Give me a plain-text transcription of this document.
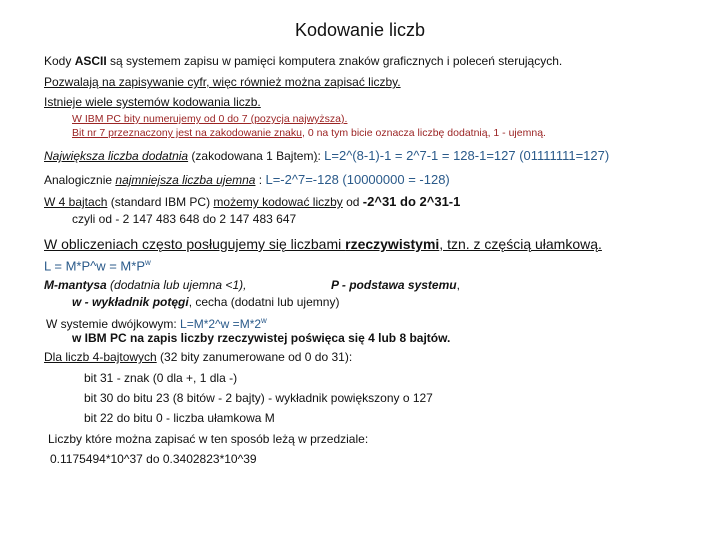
Kodowanie liczb
Kody ASCII są systemem zapisu w pamięci komputera znaków graficznych i poleceń sterujących.
Pozwalają na zapisywanie cyfr, więc również można zapisać liczby.
Istnieje wiele systemów kodowania liczb.
W IBM PC bity numerujemy od 0 do 7 (pozycja najwyższa).
Bit nr 7 przeznaczony jest na zakodowanie znaku, 0 na tym bicie oznacza liczbę dodatnią, 1 - ujemną.
Największa liczba dodatnia (zakodowana 1 Bajtem): L=2^(8-1)-1 = 2^7-1 = 128-1=127 (01111111=127)
Analogicznie najmniejsza liczba ujemna : L=-2^7=-128 (10000000 = -128)
W 4 bajtach (standard IBM PC) możemy kodować liczby od -2^31 do 2^31-1
czyli od - 2 147 483 648 do 2 147 483 647
W obliczeniach często posługujemy się liczbami rzeczywistymi, tzn. z częścią ułamkową.
L = M*P^w = $M*P^w$
M-mantysa (dodatnia lub ujemna <1),	P - podstawa systemu,
w - wykładnik potęgi, cecha (dodatni lub ujemny)
W systemie dwójkowym: L=M*2^w $=M*2^w$
w IBM PC na zapis liczby rzeczywistej poświęca się 4 lub 8 bajtów.
Dla liczb 4-bajtowych (32 bity zanumerowane od 0 do 31):
bit 31 - znak (0 dla +, 1 dla -)
bit 30 do bitu 23 (8 bitów - 2 bajty) - wykładnik powiększony o 127
bit 22 do bitu 0 - liczba ułamkowa M
Liczby które można zapisać w ten sposób leżą w przedziale:
0.1175494*10^37 do 0.3402823*10^39
